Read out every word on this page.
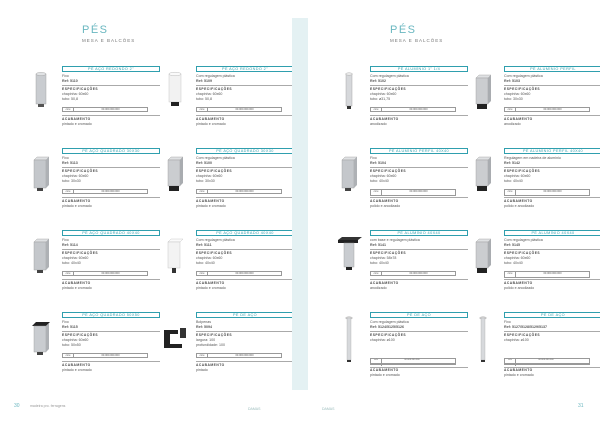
PÉS
MESA E BALCÕES
PÉ AÇO REDONDO 2"
Fixo
Ref: 5110
ESPECIFICAÇÕES
chapinha: 60x60
tubo: 50,8
cx/u	00.000.000.000
ACABAMENTO
pintado e cromado
PÉ AÇO REDONDO 2"
Com regulagem plástica
Ref: 5109
ESPECIFICAÇÕES
chapinha: 60x60
tubo: 50,8
cx/u	00.000.000.000
ACABAMENTO
pintado e cromado
PÉ AÇO QUADRADO 30X30
Fixo
Ref: 5113
ESPECIFICAÇÕES
chapinha: 60x60
tubo: 30x30
cx/u	00.000.000.000
ACABAMENTO
pintado e cromado
PÉ AÇO QUADRADO 30X30
Com regulagem plástica
Ref: 5100
ESPECIFICAÇÕES
chapinha: 60x60
tubo: 30x30
cx/u	00.000.000.000
ACABAMENTO
pintado e cromado
PÉ AÇO QUADRADO 40X40
Fixo
Ref: 5114
ESPECIFICAÇÕES
chapinha: 60x60
tubo: 40x40
cx/u	00.000.000.000
ACABAMENTO
pintado e cromado
PÉ AÇO QUADRADO 40X40
Com regulagem plástica
Ref: 5111
ESPECIFICAÇÕES
chapinha: 60x60
tubo: 40x40
cx/u	00.000.000.000
ACABAMENTO
pintado e cromado
PÉ AÇO QUADRADO 50X50
Fixo
Ref: 5115
ESPECIFICAÇÕES
chapinha: 60x60
tubo: 50x50
cx/u	00.000.000.000
ACABAMENTO
pintado e cromado
PÉ DE AÇO
Bolpenas
Ref: 5094
ESPECIFICAÇÕES
largura: 100
profundidade: 100
cx/u	00.000.000.000
ACABAMENTO
pintado
30	madeira pro. ferragens
DAMAS
PÉS
MESA E BALCÕES
PÉ ALUMÍNIO 1" 1/4
Com regulagem plástica
Ref: 5102
ESPECIFICAÇÕES
chapinha: 60x60
tubo: ø31,75
cx/u	00.000.000.000
ACABAMENTO
anodizado
PÉ ALUMÍNIO PERFIL
Com regulagem plástica
Ref: 5103
ESPECIFICAÇÕES
chapinha: 60x60
tubo: 30x30
cx/u	00.000.000.000
ACABAMENTO
anodizado
PÉ ALUMÍNIO PERFIL 40X40
Fixo
Ref: 5104
ESPECIFICAÇÕES
chapinha: 60x60
tubo: 40x40
cx/u	00.000.000.000
ACABAMENTO
polido e anodizado
PÉ ALUMÍNIO PERFIL 40X40
Regulagem em nadeira de alumínio
Ref: 5142
ESPECIFICAÇÕES
chapinha: 60x60
tubo: 40x40
cx/u	00.000.000.000
ACABAMENTO
polido e anodizado
PÉ ALUMÍNIO 40X40
com base e regulagem plástica
Ref: 5141
ESPECIFICAÇÕES
chapinha: 58x78
tubo: 40x40
cx/u	00.000.000.000
ACABAMENTO
anodizado
PÉ ALUMÍNIO 40X40
Com regulagem plástica
Ref: 5145
ESPECIFICAÇÕES
chapinha: 60x60
tubo: 40x40
cx/u	00.000.000.000
ACABAMENTO
polido e anodizado
PÉ DE AÇO
Com regulagem plástica
Ref: 5124/5125/5126
ESPECIFICAÇÕES
chapinha: ø100
cx/u	00.000.000.000
ACABAMENTO
pintado e cromado
PÉ DE AÇO
Fixo
Ref: 5127/5128/5129/5137
ESPECIFICAÇÕES
chapinha: ø100
cx/u	00.000.000.000
ACABAMENTO
pintado e cromado
DAMAS	31
